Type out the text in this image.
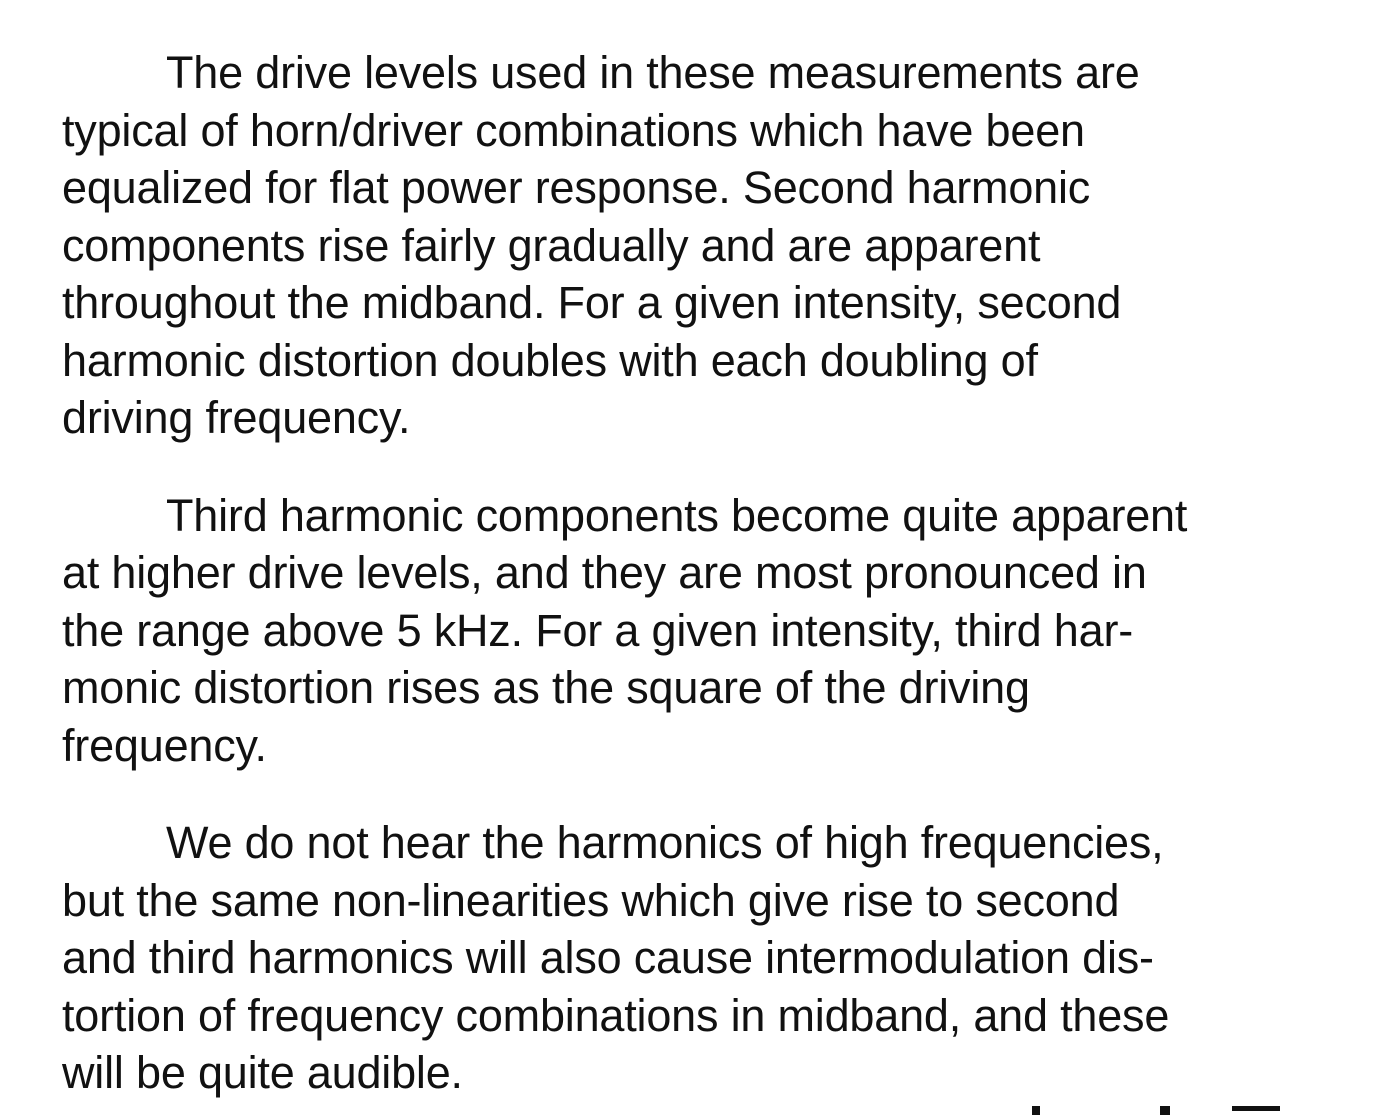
The drive levels used in these measurements are
typical of horn/driver combinations which have been
equalized for flat power response. Second harmonic
components rise fairly gradually and are apparent
throughout the midband. For a given intensity, second
harmonic distortion doubles with each doubling of
driving frequency.

Third harmonic components become quite apparent
at higher drive levels, and they are most pronounced in
the range above 5 kHz. For a given intensity, third har-
monic distortion rises as the square of the driving
frequency.

We do not hear the harmonics of high frequencies,
but the same non-linearities which give rise to second
and third harmonics will also cause intermodulation dis-
tortion of frequency combinations in midband, and these
will be quite audible.
